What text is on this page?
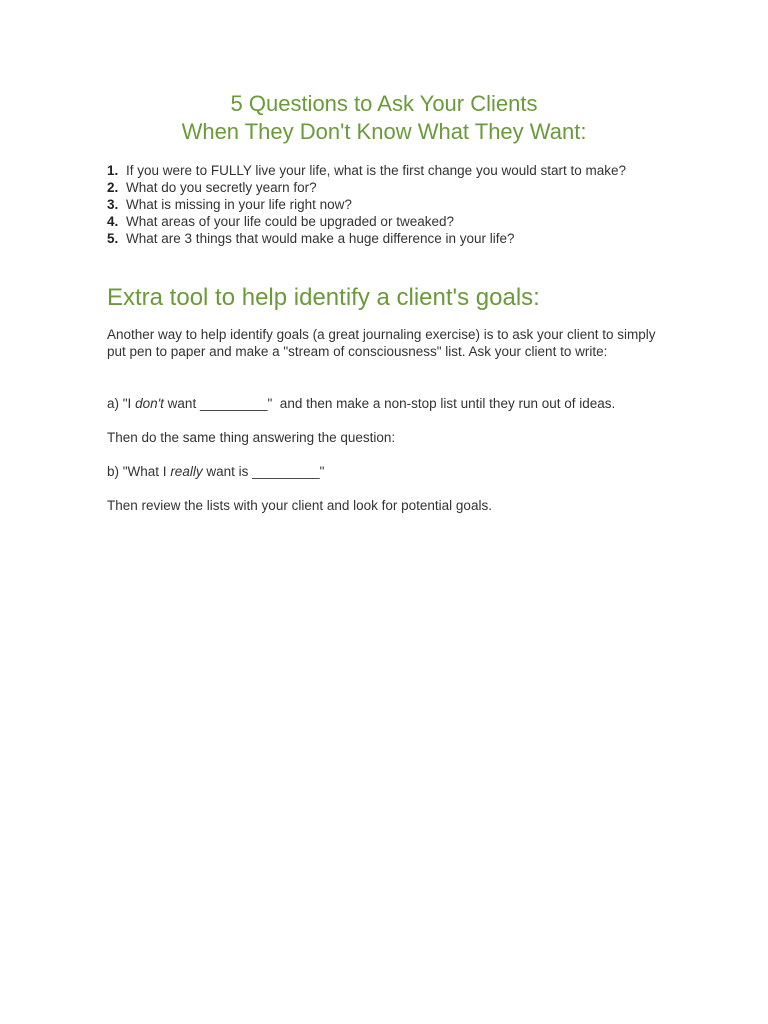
5 Questions to Ask Your Clients
When They Don't Know What They Want:
1. If you were to FULLY live your life, what is the first change you would start to make?
2. What do you secretly yearn for?
3. What is missing in your life right now?
4. What areas of your life could be upgraded or tweaked?
5. What are 3 things that would make a huge difference in your life?
Extra tool to help identify a client's goals:

Another way to help identify goals (a great journaling exercise) is to ask your client to simply put pen to paper and make a "stream of consciousness" list. Ask your client to write:

a) "I don't want _________"  and then make a non-stop list until they run out of ideas.

Then do the same thing answering the question:

b) "What I really want is _________"

Then review the lists with your client and look for potential goals.
